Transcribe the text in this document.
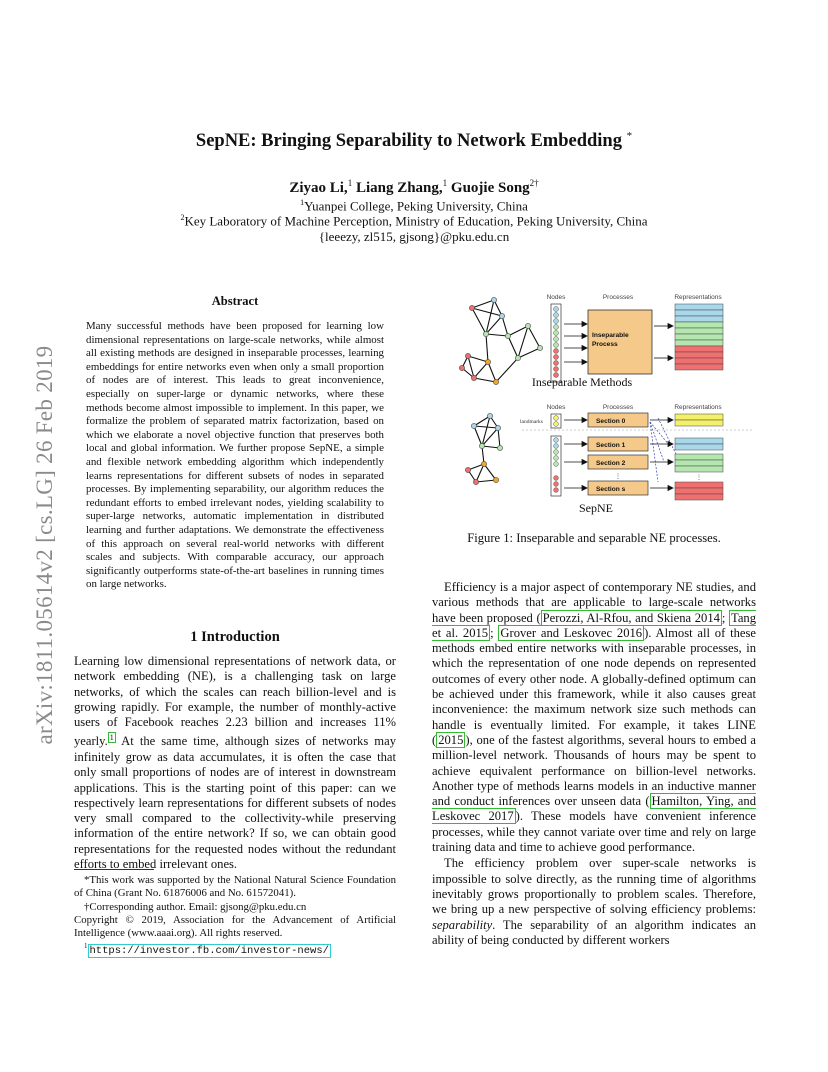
arXiv:1811.05614v2 [cs.LG] 26 Feb 2019
SepNE: Bringing Separability to Network Embedding *
Ziyao Li,$^1$ Liang Zhang,$^1$ Guojie Song$^{2\dagger}$
$^1$Yuanpei College, Peking University, China
$^2$Key Laboratory of Machine Perception, Ministry of Education, Peking University, China
{leeezy, zl515, gjsong}@pku.edu.cn
Abstract
Many successful methods have been proposed for learning low dimensional representations on large-scale networks, while almost all existing methods are designed in inseparable processes, learning embeddings for entire networks even when only a small proportion of nodes are of interest. This leads to great inconvenience, especially on super-large or dynamic networks, where these methods become almost impossible to implement. In this paper, we formalize the problem of separated matrix factorization, based on which we elaborate a novel objective function that preserves both local and global information. We further propose SepNE, a simple and flexible network embedding algorithm which independently learns representations for different subsets of nodes in separated processes. By implementing separability, our algorithm reduces the redundant efforts to embed irrelevant nodes, yielding scalability to super-large networks, automatic implementation in distributed learning and further adaptations. We demonstrate the effectiveness of this approach on several real-world networks with different scales and subjects. With comparable accuracy, our approach significantly outperforms state-of-the-art baselines in running times on large networks.
1 Introduction

Learning low dimensional representations of network data, or network embedding (NE), is a challenging task on large networks, of which the scales can reach billion-level and is growing rapidly. For example, the number of monthly-active users of Facebook reaches 2.23 billion and increases 11% yearly. $^1$ At the same time, although sizes of networks may infinitely grow as data accumulates, it is often the case that only small proportions of nodes are of interest in downstream applications. This is the starting point of this paper: can we respectively learn representations for different subsets of nodes very small compared to the collectivity-while preserving information of the entire network? If so, we can obtain good representations for the requested nodes without the redundant efforts to embed irrelevant ones.

*This work was supported by the National Natural Science Foundation of China (Grant No. 61876006 and No. 61572041).
†Corresponding author. Email: gjsong@pku.edu.cn
Copyright © 2019, Association for the Advancement of Artificial Intelligence (www.aaai.org). All rights reserved.
$^1$ https://investor.fb.com/investor-news/
Nodes	Processes	Representations
Inseparable
Process
Inseparable Methods
Nodes	Processes	Representations
landmarks	Section 0
Section 1
Section 2
⋮
Section s
⋮
SepNE
Figure 1: Inseparable and separable NE processes.

Efficiency is a major aspect of contemporary NE studies, and various methods that are applicable to large-scale networks have been proposed ( Perozzi, Al-Rfou, and Skiena 2014 ; Tang et al. 2015 ; Grover and Leskovec 2016 ). Almost all of these methods embed entire networks with inseparable processes, in which the representation of one node depends on represented outcomes of every other node. A globally-defined optimum can be achieved under this framework, while it also causes great inconvenience: the maximum network size such methods can handle is eventually limited. For example, it takes LINE ( 2015 ), one of the fastest algorithms, several hours to embed a million-level network. Thousands of hours may be spent to achieve equivalent performance on billion-level networks. Another type of methods learns models in an inductive manner and conduct inferences over unseen data ( Hamilton, Ying, and Leskovec 2017 ). These models have convenient inference processes, while they cannot variate over time and rely on large training data and time to achieve good performance.

The efficiency problem over super-scale networks is impossible to solve directly, as the running time of algorithms inevitably grows proportionally to problem scales. Therefore, we bring up a new perspective of solving efficiency problems: separability. The separability of an algorithm indicates an ability of being conducted by different workers
